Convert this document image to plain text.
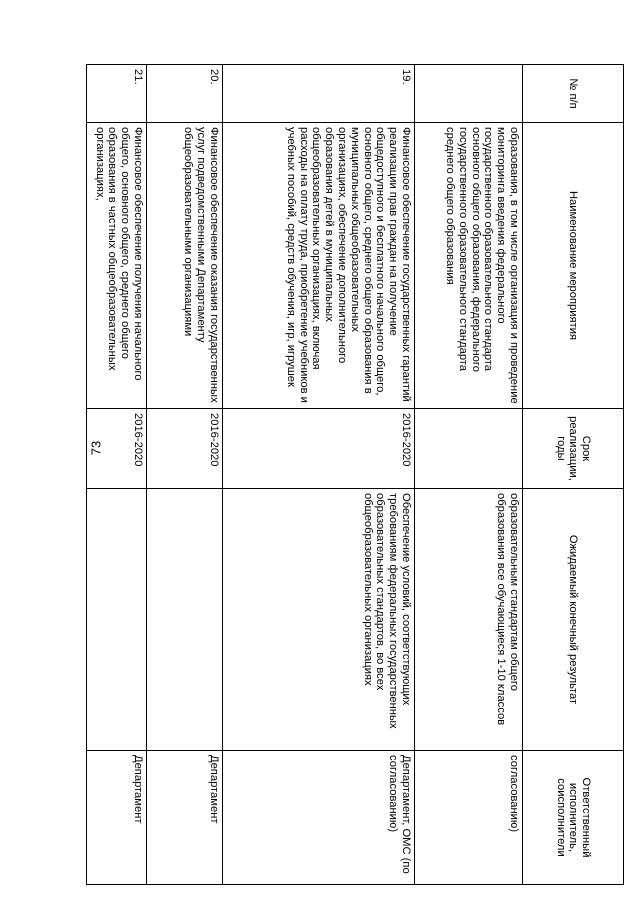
73
№ п/п	Наименование мероприятия	Срок реализации, годы	Ожидаемый конечный результат	Ответственный исполнитель, соисполнители
	образования, в том числе организация и проведение мониторинга введения федерального государственного образовательного стандарта основного общего образования, федерального государственного образовательного стандарта среднего общего образования		образовательным стандартам общего образования все обучающиеся 1-10 классов	согласованию)
19.	Финансовое обеспечение государственных гарантий реализации прав граждан на получение общедоступного и бесплатного начального общего, основного общего, среднего общего образования в муниципальных общеобразовательных организациях, обеспечение дополнительного образования детей в муниципальных общеобразовательных организациях, включая расходы на оплату труда, приобретение учебников и учебных пособий, средств обучения, игр, игрушек	2016-2020	Обеспечение условий, соответствующих требованиям федеральных государственных образовательных стандартов, во всех общеобразовательных организациях	Департамент, ОМС (по согласованию)
20.	Финансовое обеспечение оказания государственных услуг подведомственными Департаменту общеобразовательными организациями	2016-2020		Департамент
21.	Финансовое обеспечение получения начального общего, основного общего, среднего общего образования в частных общеобразовательных организациях,	2016-2020		Департамент
